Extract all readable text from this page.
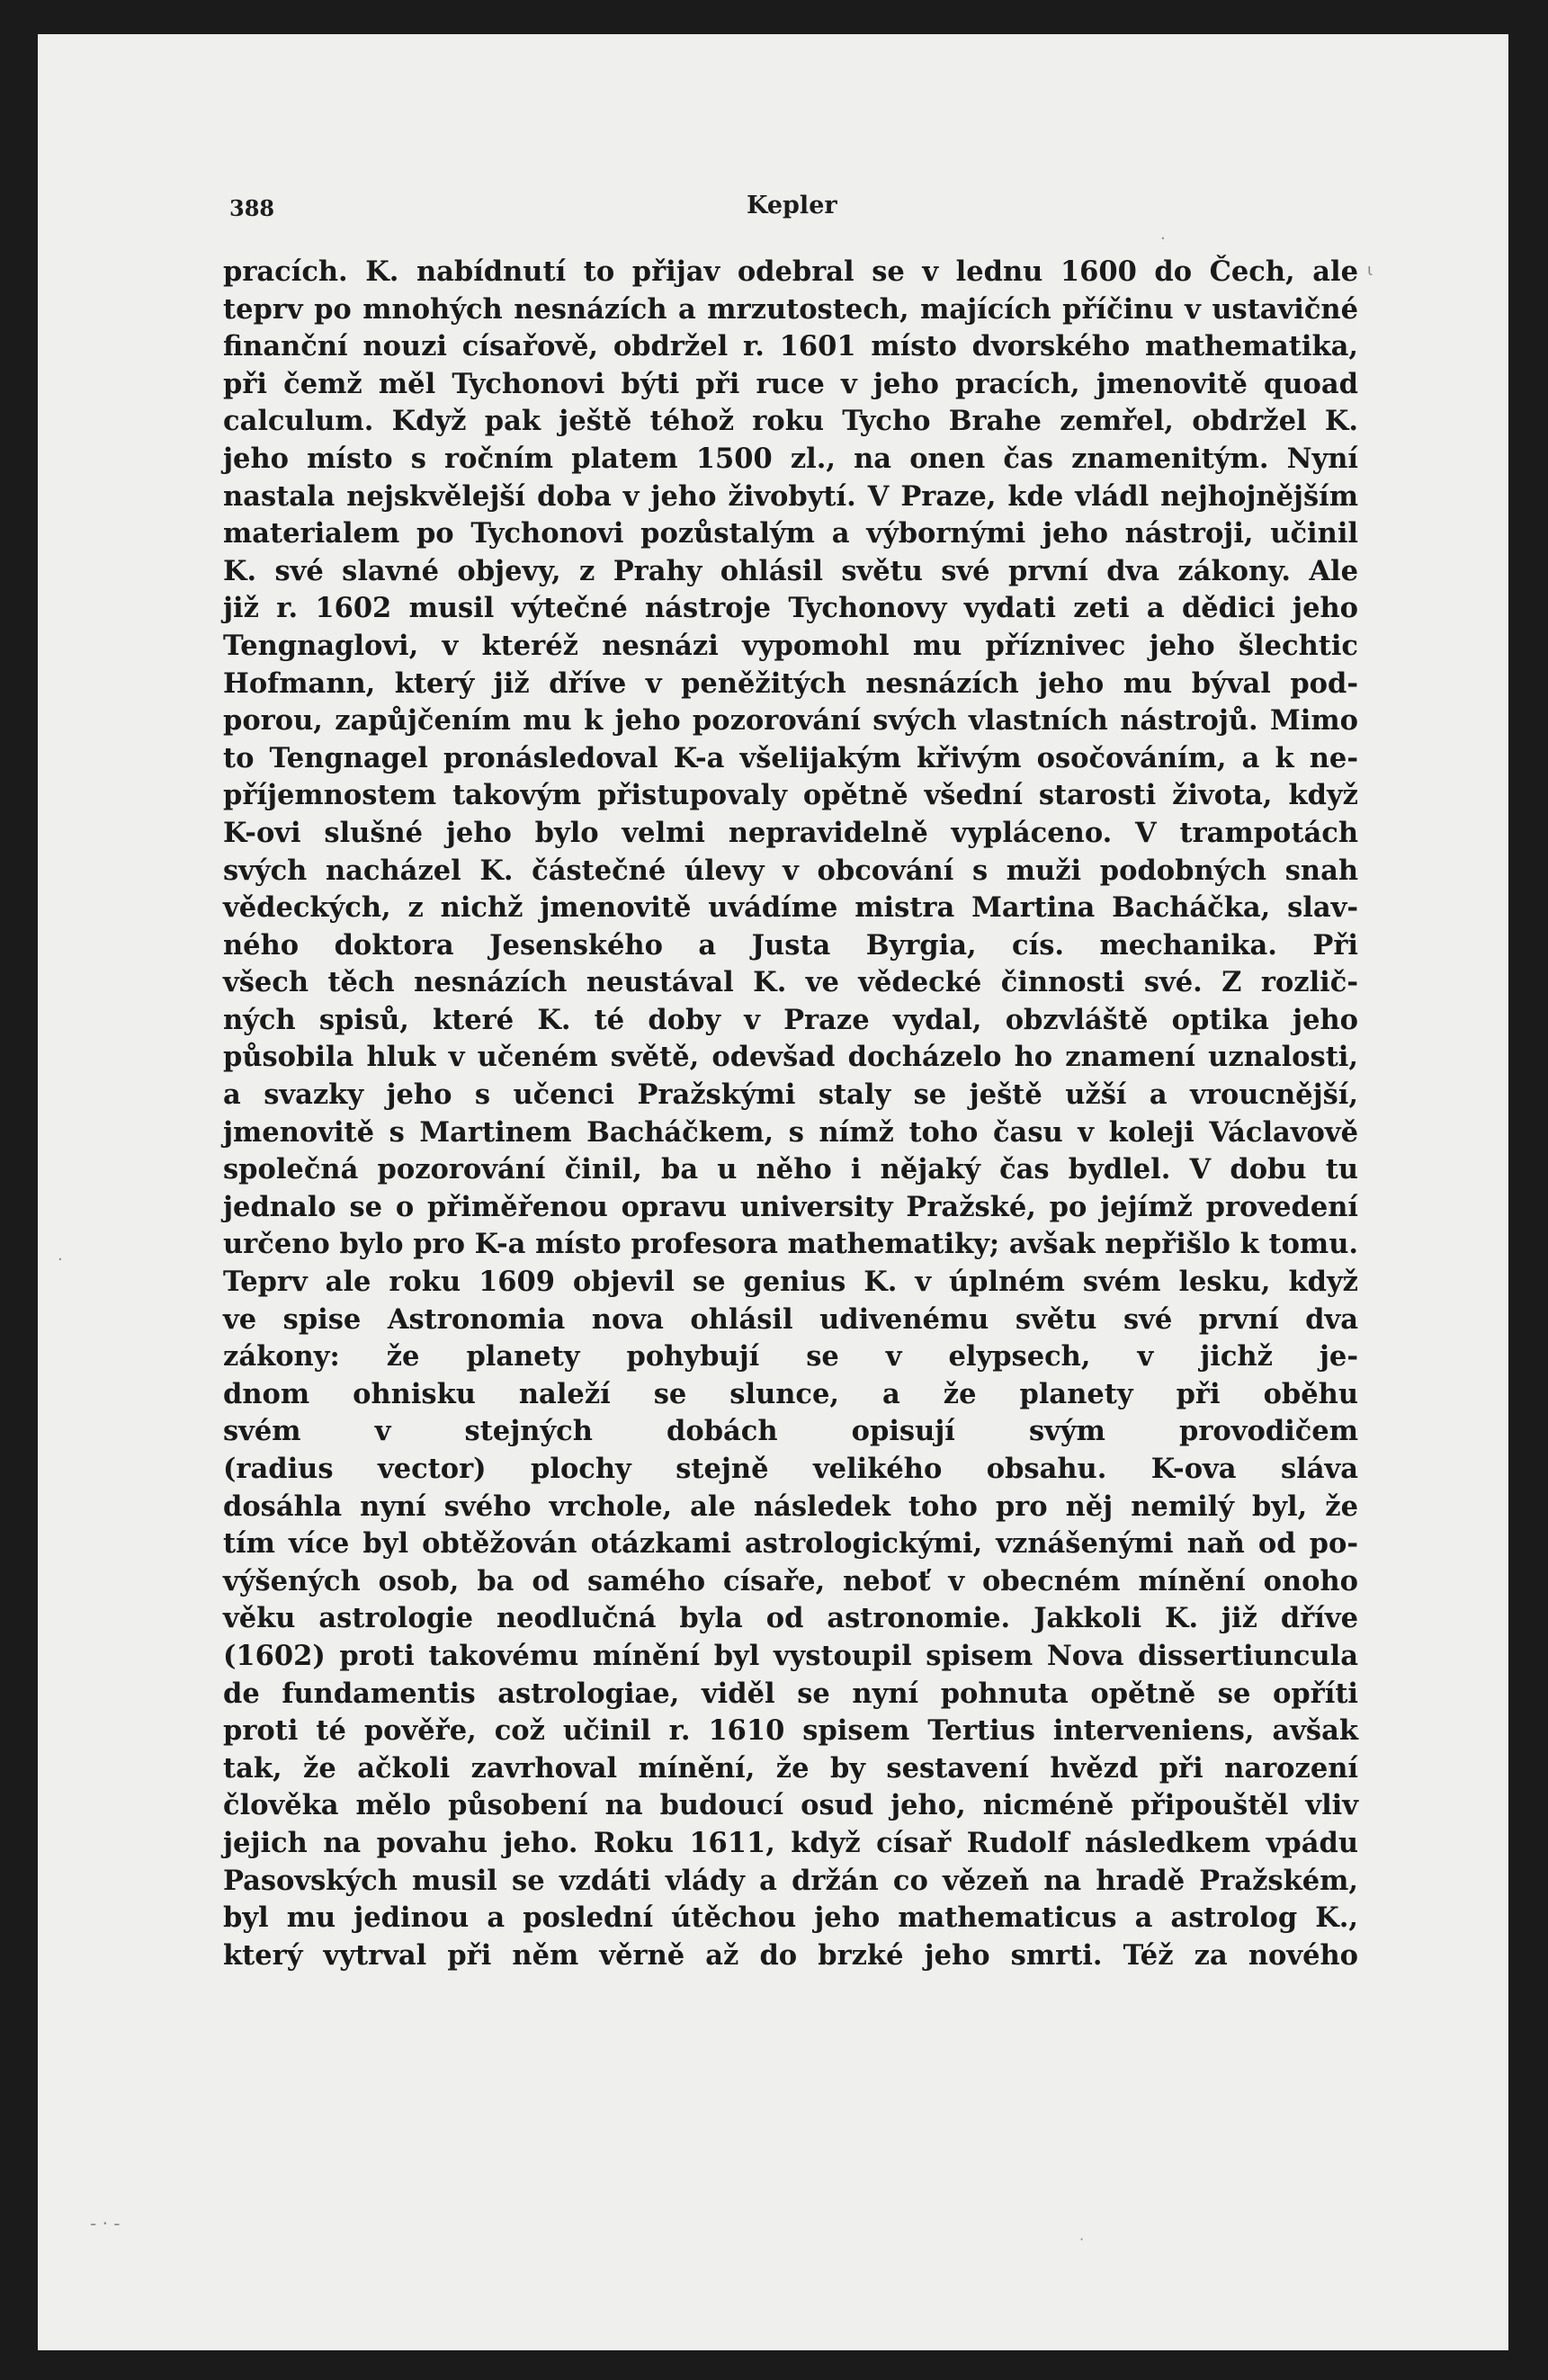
388	Kepler
pracích. K. nabídnutí to přijav odebral se v lednu 1600 do Čech, ale
teprv po mnohých nesnázích a mrzutostech, majících příčinu v ustavičné
finanční nouzi císařově, obdržel r. 1601 místo dvorského mathematika,
při čemž měl Tychonovi býti při ruce v jeho pracích, jmenovitě quoad
calculum. Když pak ještě téhož roku Tycho Brahe zemřel, obdržel K.
jeho místo s ročním platem 1500 zl., na onen čas znamenitým. Nyní
nastala nejskvělejší doba v jeho živobytí. V Praze, kde vládl nejhojnějším
materialem po Tychonovi pozůstalým a výbornými jeho nástroji, učinil
K. své slavné objevy, z Prahy ohlásil světu své první dva zákony. Ale
již r. 1602 musil výtečné nástroje Tychonovy vydati zeti a dědici jeho
Tengnaglovi, v kteréž nesnázi vypomohl mu příznivec jeho šlechtic
Hofmann, který již dříve v peněžitých nesnázích jeho mu býval pod-
porou, zapůjčením mu k jeho pozorování svých vlastních nástrojů. Mimo
to Tengnagel pronásledoval K-a všelijakým křivým osočováním, a k ne-
příjemnostem takovým přistupovaly opětně všední starosti života, když
K-ovi slušné jeho bylo velmi nepravidelně vypláceno. V trampotách
svých nacházel K. částečné úlevy v obcování s muži podobných snah
vědeckých, z nichž jmenovitě uvádíme mistra Martina Bacháčka, slav-
ného doktora Jesenského a Justa Byrgia, cís. mechanika. Při
všech těch nesnázích neustával K. ve vědecké činnosti své. Z rozlič-
ných spisů, které K. té doby v Praze vydal, obzvláště optika jeho
působila hluk v učeném světě, odevšad docházelo ho znamení uznalosti,
a svazky jeho s učenci Pražskými staly se ještě užší a vroucnější,
jmenovitě s Martinem Bacháčkem, s nímž toho času v koleji Václavově
společná pozorování činil, ba u něho i nějaký čas bydlel. V dobu tu
jednalo se o přiměřenou opravu university Pražské, po jejímž provedení
určeno bylo pro K-a místo profesora mathematiky; avšak nepřišlo k tomu.
Teprv ale roku 1609 objevil se genius K. v úplném svém lesku, když
ve spise Astronomia nova ohlásil udivenému světu své první dva
zákony: že planety pohybují se v elypsech, v jichž je-
dnom ohnisku naleží se slunce, a že planety při oběhu
svém v stejných dobách opisují svým provodičem
(radius vector) plochy stejně velikého obsahu. K-ova sláva
dosáhla nyní svého vrchole, ale následek toho pro něj nemilý byl, že
tím více byl obtěžován otázkami astrologickými, vznášenými naň od po-
výšených osob, ba od samého císaře, neboť v obecném mínění onoho
věku astrologie neodlučná byla od astronomie. Jakkoli K. již dříve
(1602) proti takovému mínění byl vystoupil spisem Nova dissertiuncula
de fundamentis astrologiae, viděl se nyní pohnuta opětně se opříti
proti té pověře, což učinil r. 1610 spisem Tertius interveniens, avšak
tak, že ačkoli zavrhoval mínění, že by sestavení hvězd při narození
člověka mělo působení na budoucí osud jeho, nicméně připouštěl vliv
jejich na povahu jeho. Roku 1611, když císař Rudolf následkem vpádu
Pasovských musil se vzdáti vlády a držán co vězeň na hradě Pražském,
byl mu jedinou a poslední útěchou jeho mathematicus a astrolog K.,
který vytrval při něm věrně až do brzké jeho smrti. Též za nového
ι
·
·
- · -
·
